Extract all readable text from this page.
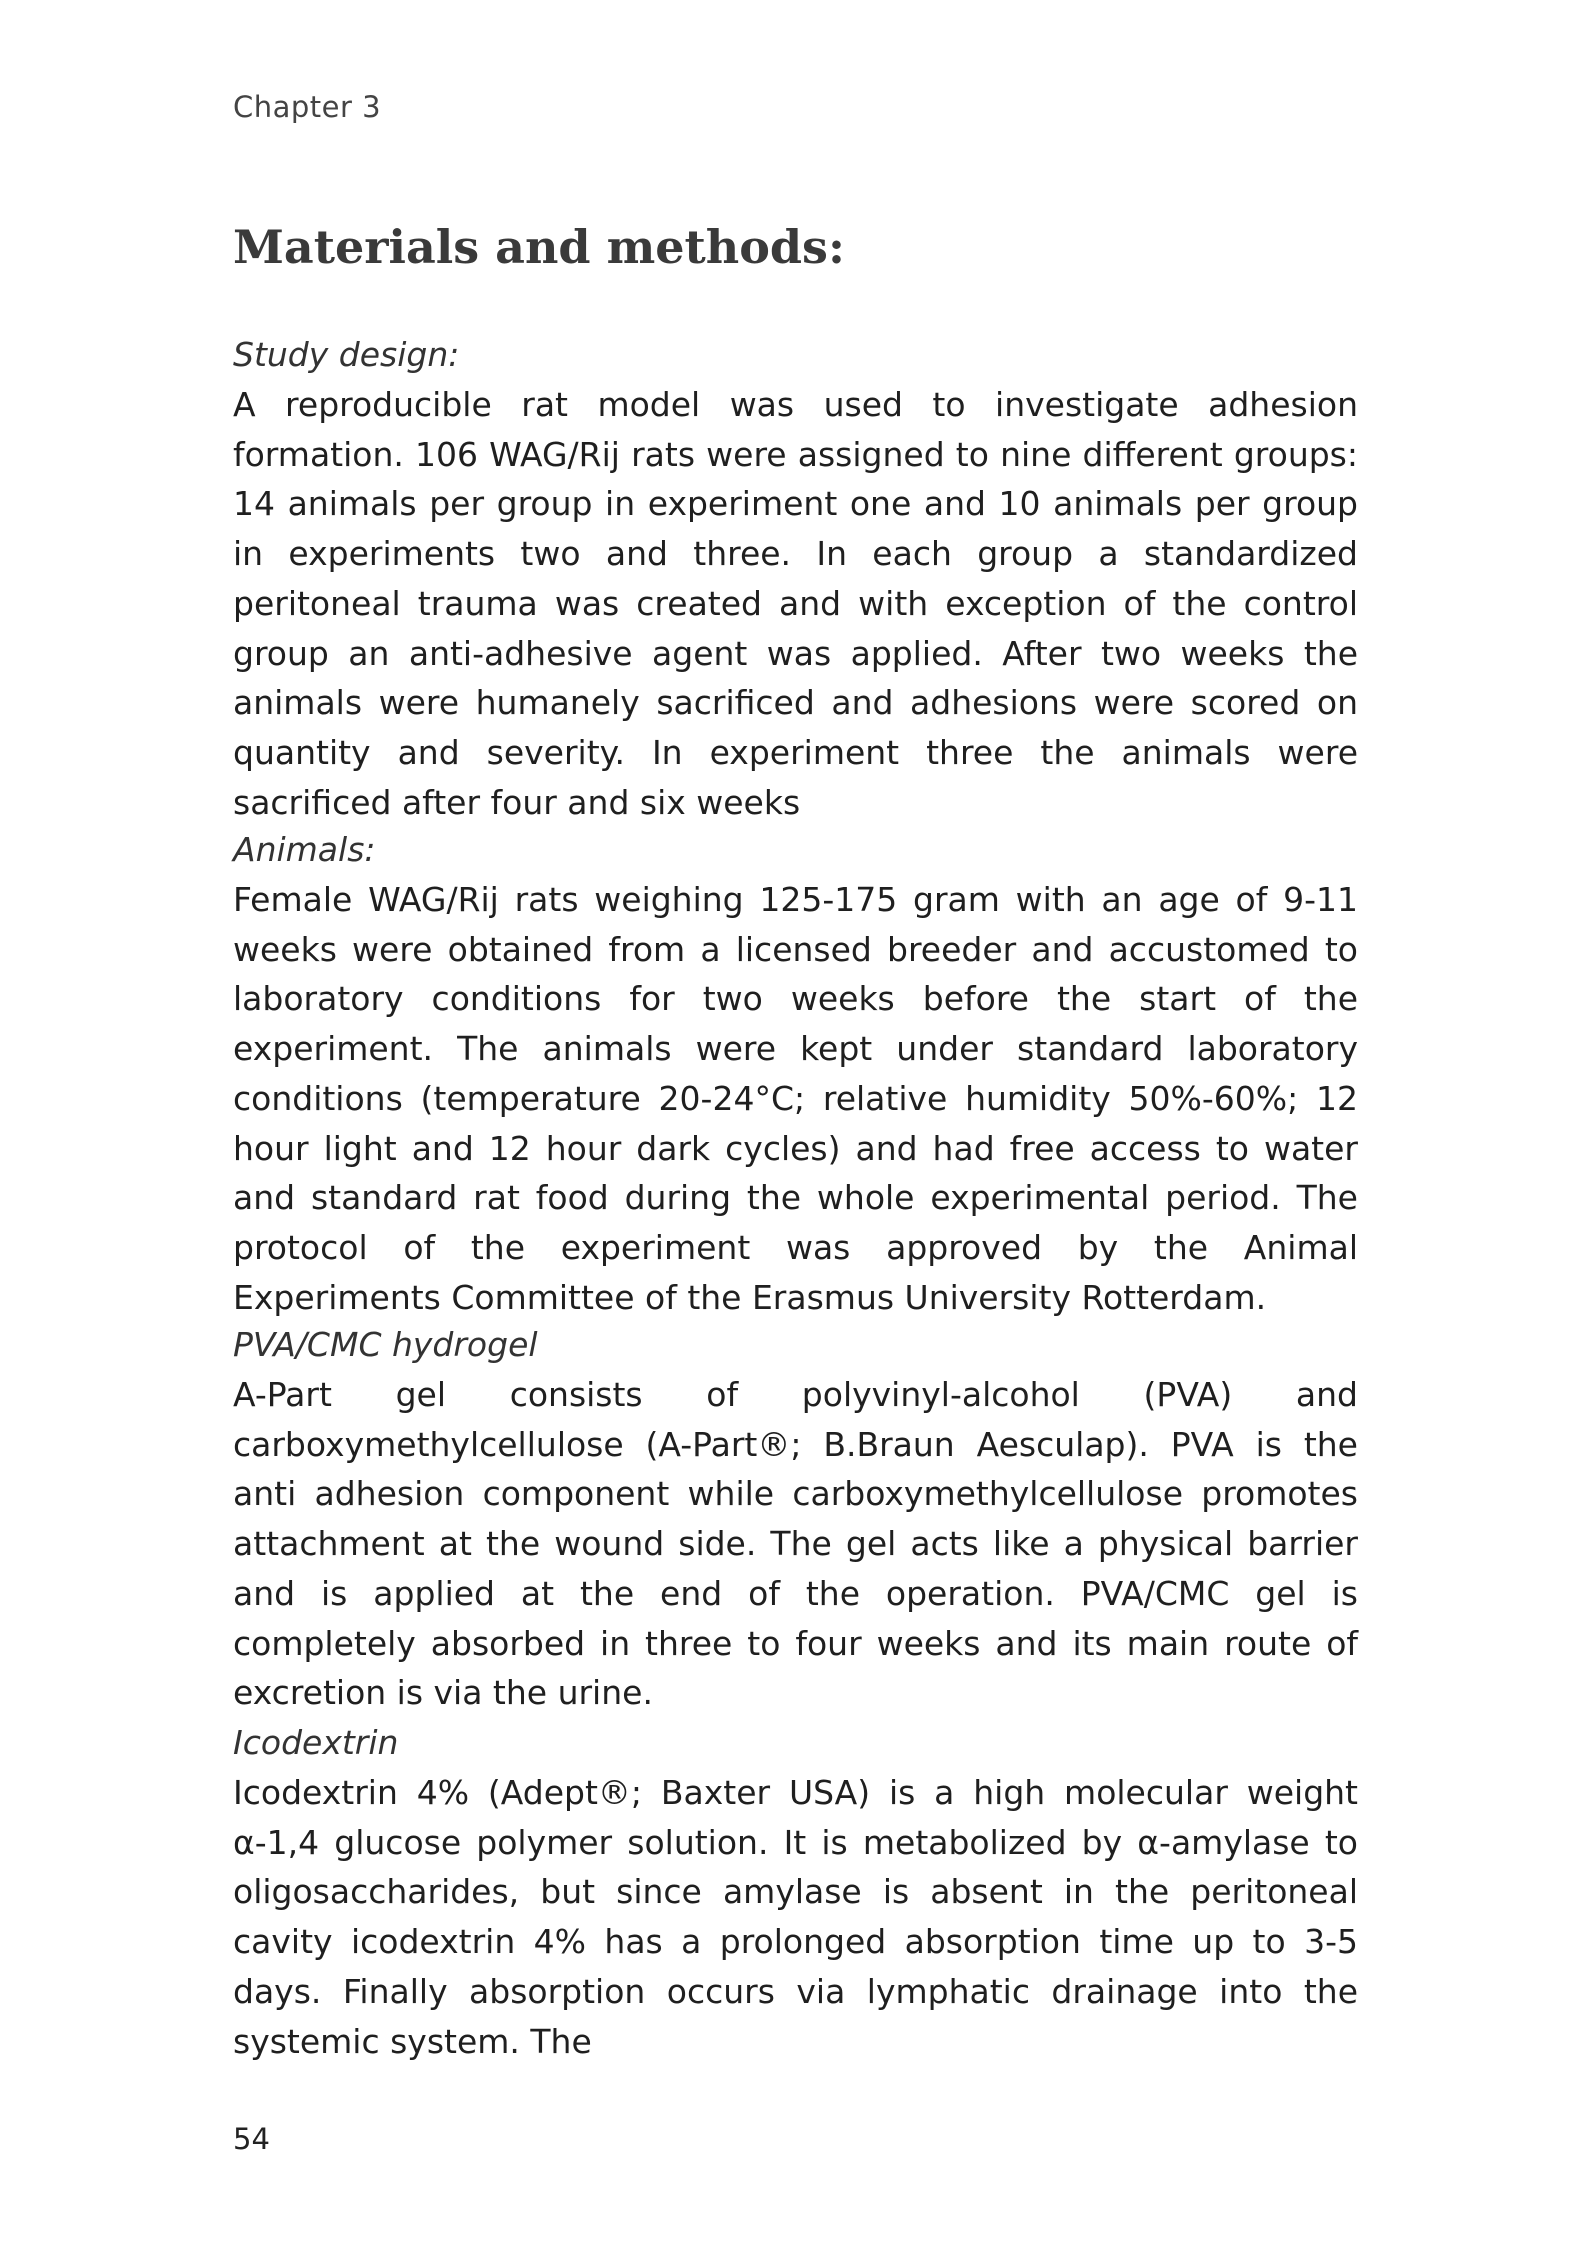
Chapter 3
Materials and methods:
Study design:

A reproducible rat model was used to investigate adhesion formation. 106 WAG/Rij rats were assigned to nine different groups: 14 animals per group in experiment one and 10 animals per group in experiments two and three. In each group a standardized peritoneal trauma was created and with exception of the control group an anti-adhesive agent was applied. After two weeks the animals were humanely sacrificed and adhesions were scored on quantity and severity. In experiment three the animals were sacrificed after four and six weeks

Animals:

Female WAG/Rij rats weighing 125-175 gram with an age of 9-11 weeks were obtained from a licensed breeder and accustomed to laboratory conditions for two weeks before the start of the experiment. The animals were kept under standard laboratory conditions (temperature 20-24°C; relative humidity 50%-60%; 12 hour light and 12 hour dark cycles) and had free access to water and standard rat food during the whole experimental period. The protocol of the experiment was approved by the Animal Experiments Committee of the Erasmus University Rotterdam.

PVA/CMC hydrogel

A-Part gel consists of polyvinyl-alcohol (PVA) and carboxymethylcellulose (A-Part®; B.Braun Aesculap). PVA is the anti adhesion component while carboxymethylcellulose promotes attachment at the wound side. The gel acts like a physical barrier and is applied at the end of the operation. PVA/CMC gel is completely absorbed in three to four weeks and its main route of excretion is via the urine.

Icodextrin

Icodextrin 4% (Adept®; Baxter USA) is a high molecular weight α-1,4 glucose polymer solution. It is metabolized by α-amylase to oligosaccharides, but since amylase is absent in the peritoneal cavity icodextrin 4% has a prolonged absorption time up to 3-5 days. Finally absorption occurs via lymphatic drainage into the systemic system. The

54
